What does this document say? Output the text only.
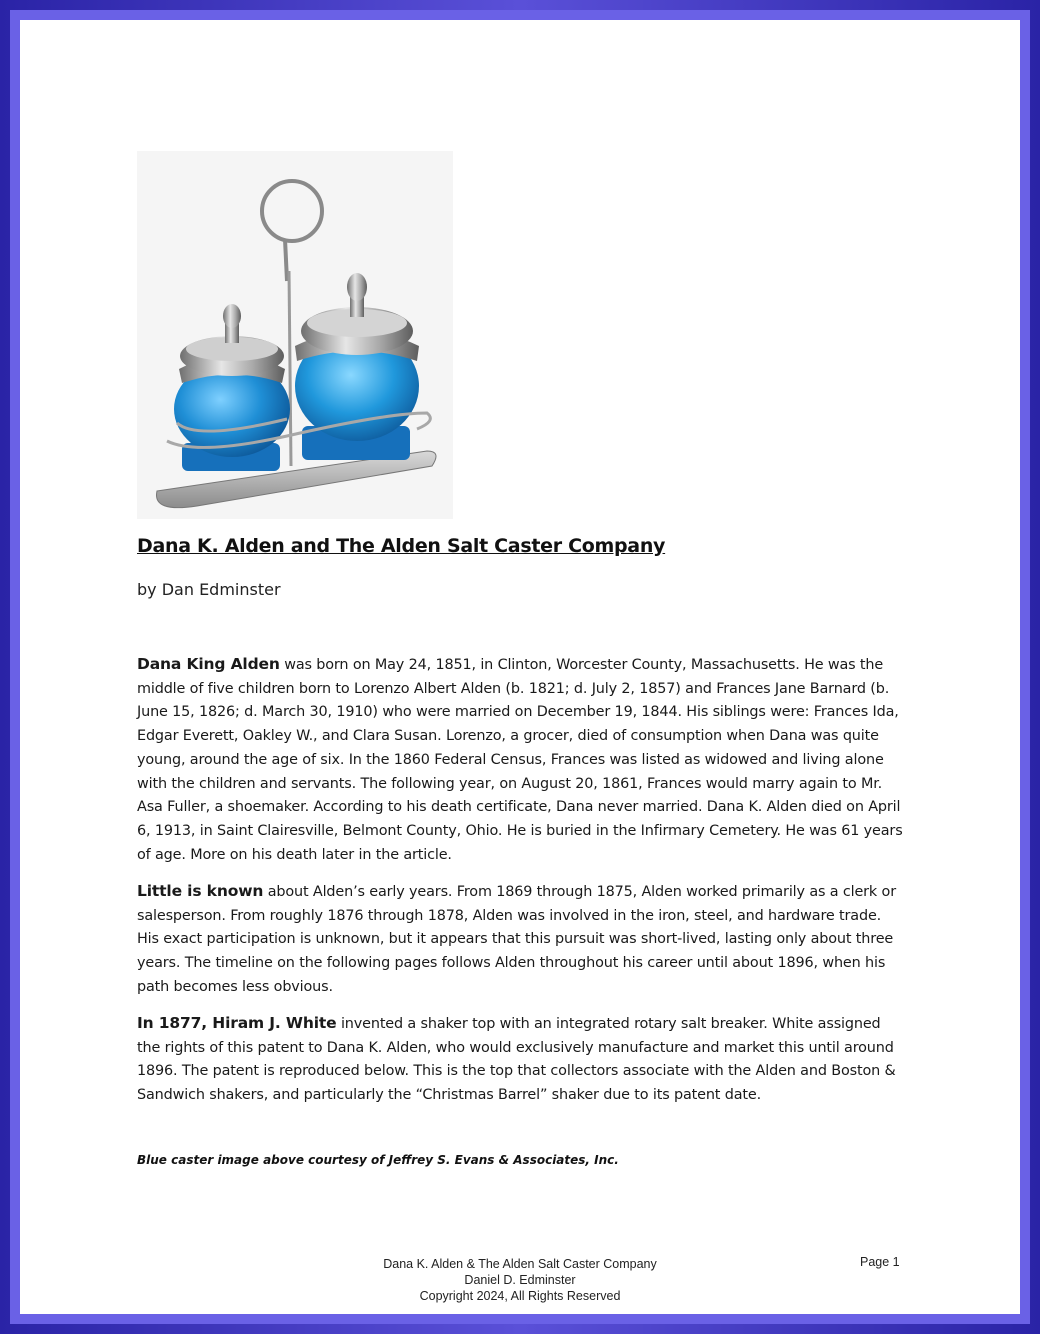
Dana K. Alden and The Alden Salt Caster Company
by Dan Edminster

Dana King Alden was born on May 24, 1851, in Clinton, Worcester County, Massachusetts. He was the middle of five children born to Lorenzo Albert Alden (b. 1821; d. July 2, 1857) and Frances Jane Barnard (b. June 15, 1826; d. March 30, 1910) who were married on December 19, 1844. His siblings were: Frances Ida, Edgar Everett, Oakley W., and Clara Susan. Lorenzo, a grocer, died of consumption when Dana was quite young, around the age of six. In the 1860 Federal Census, Frances was listed as widowed and living alone with the children and servants. The following year, on August 20, 1861, Frances would marry again to Mr. Asa Fuller, a shoemaker. According to his death certificate, Dana never married. Dana K. Alden died on April 6, 1913, in Saint Clairesville, Belmont County, Ohio. He is buried in the Infirmary Cemetery. He was 61 years of age. More on his death later in the article.

Little is known about Alden’s early years. From 1869 through 1875, Alden worked primarily as a clerk or salesperson. From roughly 1876 through 1878, Alden was involved in the iron, steel, and hardware trade. His exact participation is unknown, but it appears that this pursuit was short-lived, lasting only about three years. The timeline on the following pages follows Alden throughout his career until about 1896, when his path becomes less obvious.

In 1877, Hiram J. White invented a shaker top with an integrated rotary salt breaker. White assigned the rights of this patent to Dana K. Alden, who would exclusively manufacture and market this until around 1896. The patent is reproduced below. This is the top that collectors associate with the Alden and Boston & Sandwich shakers, and particularly the “Christmas Barrel” shaker due to its patent date.

Blue caster image above courtesy of Jeffrey S. Evans & Associates, Inc.
Dana K. Alden & The Alden Salt Caster Company
Daniel D. Edminster
Copyright 2024, All Rights Reserved
Page 1
